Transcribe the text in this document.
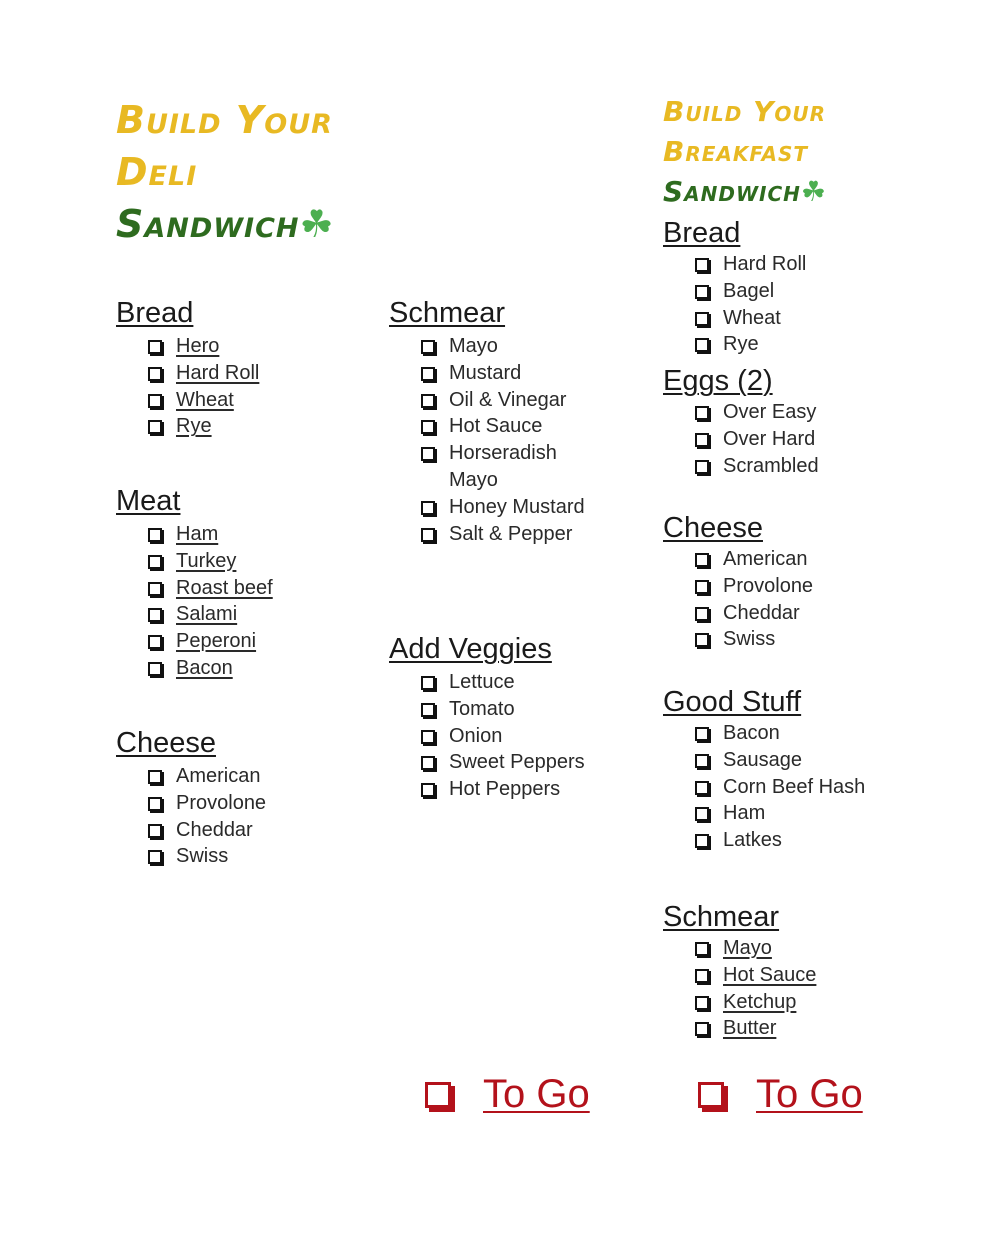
Build Your
Deli
Sandwich☘
Bread
Hero
Hard Roll
Wheat
Rye
Meat
Ham
Turkey
Roast beef
Salami
Peperoni
Bacon
Cheese
American
Provolone
Cheddar
Swiss
Schmear
Mayo
Mustard
Oil & Vinegar
Hot Sauce
Horseradish Mayo
Honey Mustard
Salt & Pepper
Add Veggies
Lettuce
Tomato
Onion
Sweet Peppers
Hot Peppers
To Go
Build Your
Breakfast
Sandwich☘
Bread
Hard Roll
Bagel
Wheat
Rye
Eggs (2)
Over Easy
Over Hard
Scrambled
Cheese
American
Provolone
Cheddar
Swiss
Good Stuff
Bacon
Sausage
Corn Beef Hash
Ham
Latkes
Schmear
Mayo
Hot Sauce
Ketchup
Butter
To Go
